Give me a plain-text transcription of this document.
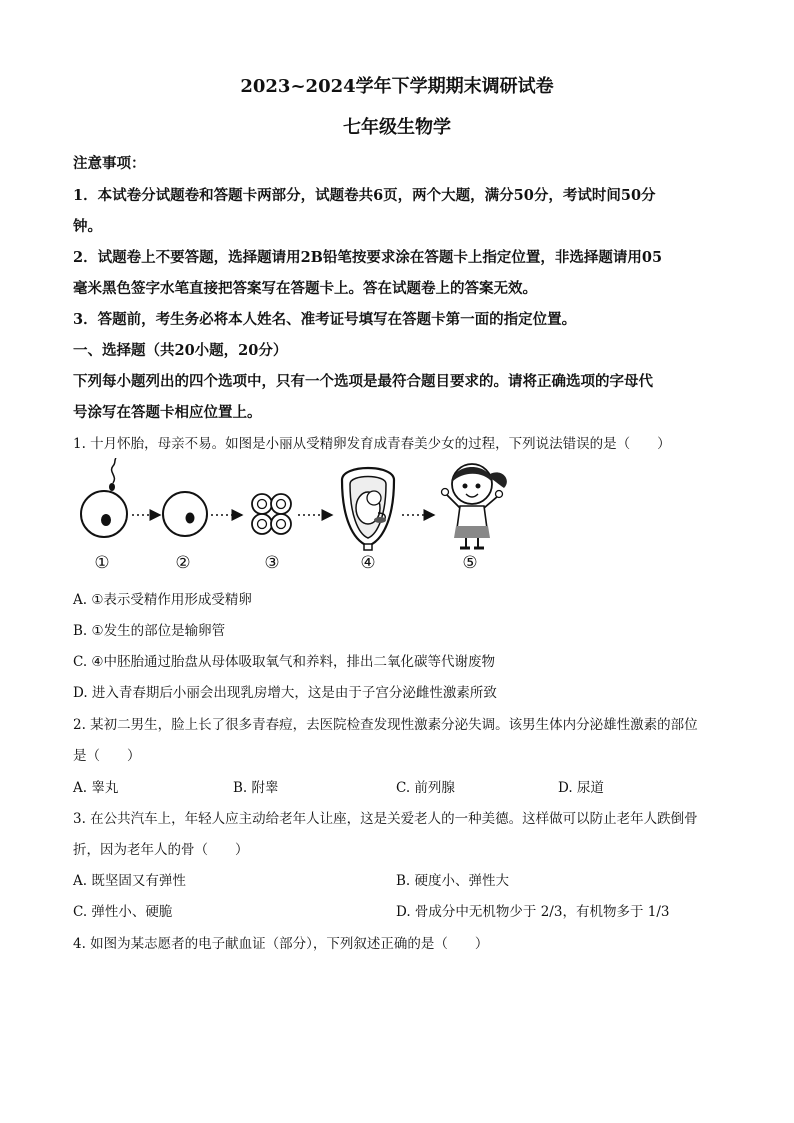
2023~2024学年下学期期末调研试卷
七年级生物学
注意事项：
1．本试卷分试题卷和答题卡两部分，试题卷共6页，两个大题，满分50分，考试时间50分
钟。
2．试题卷上不要答题，选择题请用2B铅笔按要求涂在答题卡上指定位置，非选择题请用05
毫米黑色签字水笔直接把答案写在答题卡上。答在试题卷上的答案无效。
3．答题前，考生务必将本人姓名、准考证号填写在答题卡第一面的指定位置。
一、选择题（共20小题，20分）
下列每小题列出的四个选项中，只有一个选项是最符合题目要求的。请将正确选项的字母代
号涂写在答题卡相应位置上。
1. 十月怀胎，母亲不易。如图是小丽从受精卵发育成青春美少女的过程，下列说法错误的是（　　）
①	②	③	④	⑤
A. ①表示受精作用形成受精卵
B. ①发生的部位是输卵管
C. ④中胚胎通过胎盘从母体吸取氧气和养料，排出二氧化碳等代谢废物
D. 进入青春期后小丽会出现乳房增大，这是由于子宫分泌雌性激素所致
2. 某初二男生，脸上长了很多青春痘，去医院检查发现性激素分泌失调。该男生体内分泌雄性激素的部位
是（　　）
A. 睾丸	B. 附睾	C. 前列腺	D. 尿道
3. 在公共汽车上，年轻人应主动给老年人让座，这是关爱老人的一种美德。这样做可以防止老年人跌倒骨
折，因为老年人的骨（　　）
A. 既坚固又有弹性	B. 硬度小、弹性大
C. 弹性小、硬脆	D. 骨成分中无机物少于 2/3，有机物多于 1/3
4. 如图为某志愿者的电子献血证（部分），下列叙述正确的是（　　）
